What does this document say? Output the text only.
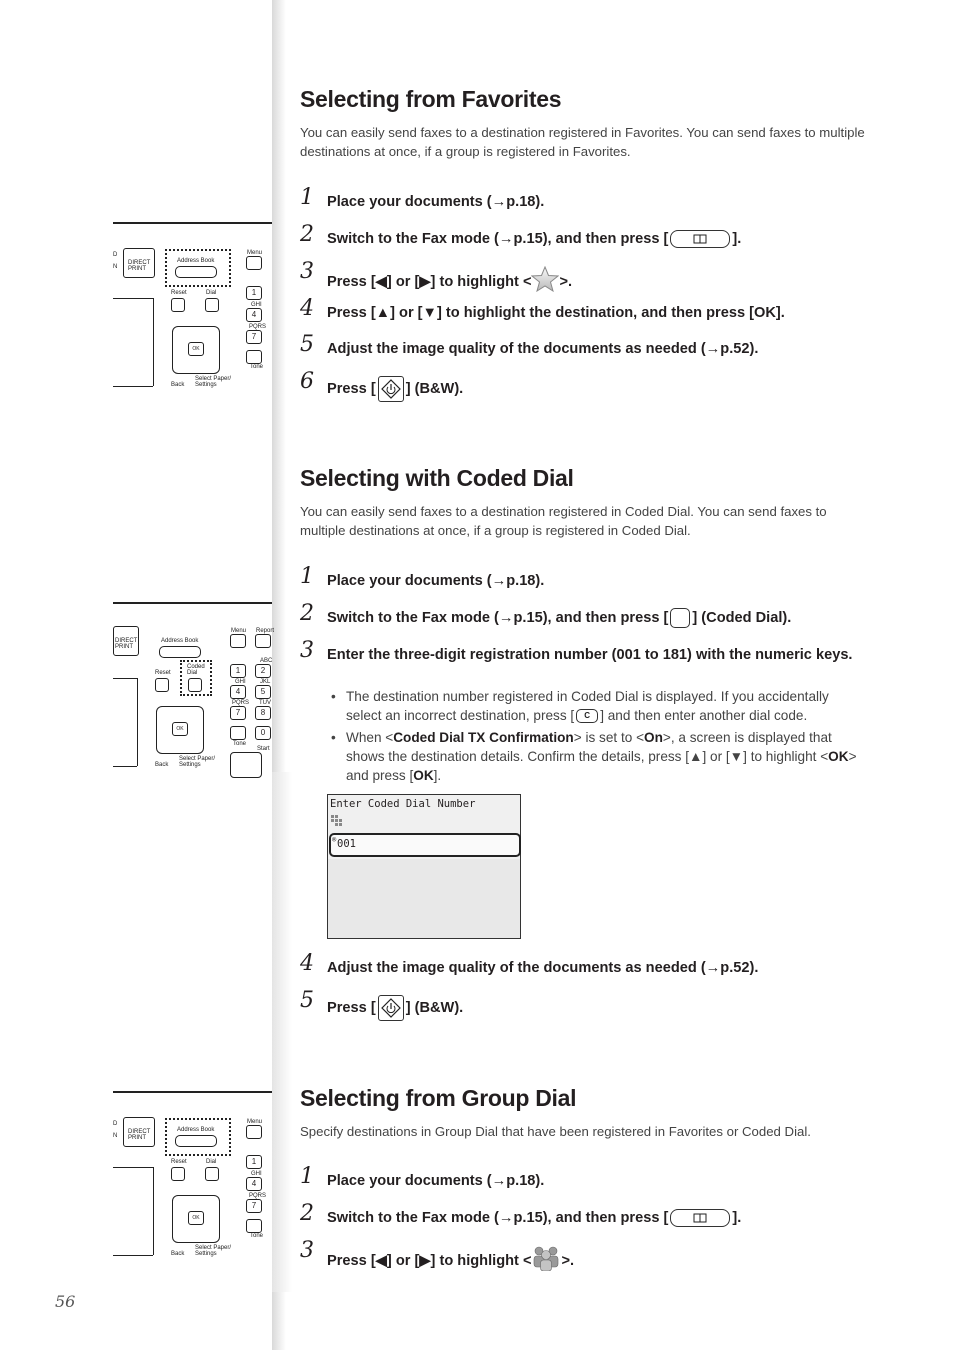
Selecting from Favorites

You can easily send faxes to a destination registered in Favorites. You can send faxes to multiple destinations at once, if a group is registered in Favorites.

1 Place your documents (→p.18).
2 Switch to the Fax mode (→p.15), and then press [	].
3 Press [◀] or [▶] to highlight < >.
4 Press [▲] or [▼] to highlight the destination, and then press [OK].
5 Adjust the image quality of the documents as needed (→p.52).
6 Press [ ] (B&W).
Selecting with Coded Dial

You can easily send faxes to a destination registered in Coded Dial. You can send faxes to multiple destinations at once, if a group is registered in Coded Dial.

1 Place your documents (→p.18).
2 Switch to the Fax mode (→p.15), and then press [ ] (Coded Dial).
3 Enter the three-digit registration number (001 to 181) with the numeric keys.
• The destination number registered in Coded Dial is displayed. If you accidentally select an incorrect destination, press [ C ] and then enter another dial code.
• When <Coded Dial TX Confirmation> is set to <On>, a screen is displayed that shows the destination details. Confirm the details, press [▲] or [▼] to highlight <OK> and press [OK].
Enter Coded Dial Number
® 001
4 Adjust the image quality of the documents as needed (→p.52).
5 Press [ ] (B&W).
Selecting from Group Dial

Specify destinations in Group Dial that have been registered in Favorites or Coded Dial.

1 Place your documents (→p.18).
2 Switch to the Fax mode (→p.15), and then press [	].
3 Press [◀] or [▶] to highlight < >.
D
N
DIRECT
PRINT
Address Book
Reset	Dial
OK
Back
Select Paper/
Settings
Menu
1
GHI
4
PQRS
7
Tone
DIRECT
PRINT
Address Book
Reset
Coded
Dial
OK
Back
Select Paper/
Settings
Menu Report
ABC
1	2
GHI JKL
4	5
PQRS TUV
7	8
0
Tone
Start
D
N
DIRECT
PRINT
Address Book
Reset	Dial
OK
Back
Select Paper/
Settings
Menu
1
GHI
4
PQRS
7
Tone
56
